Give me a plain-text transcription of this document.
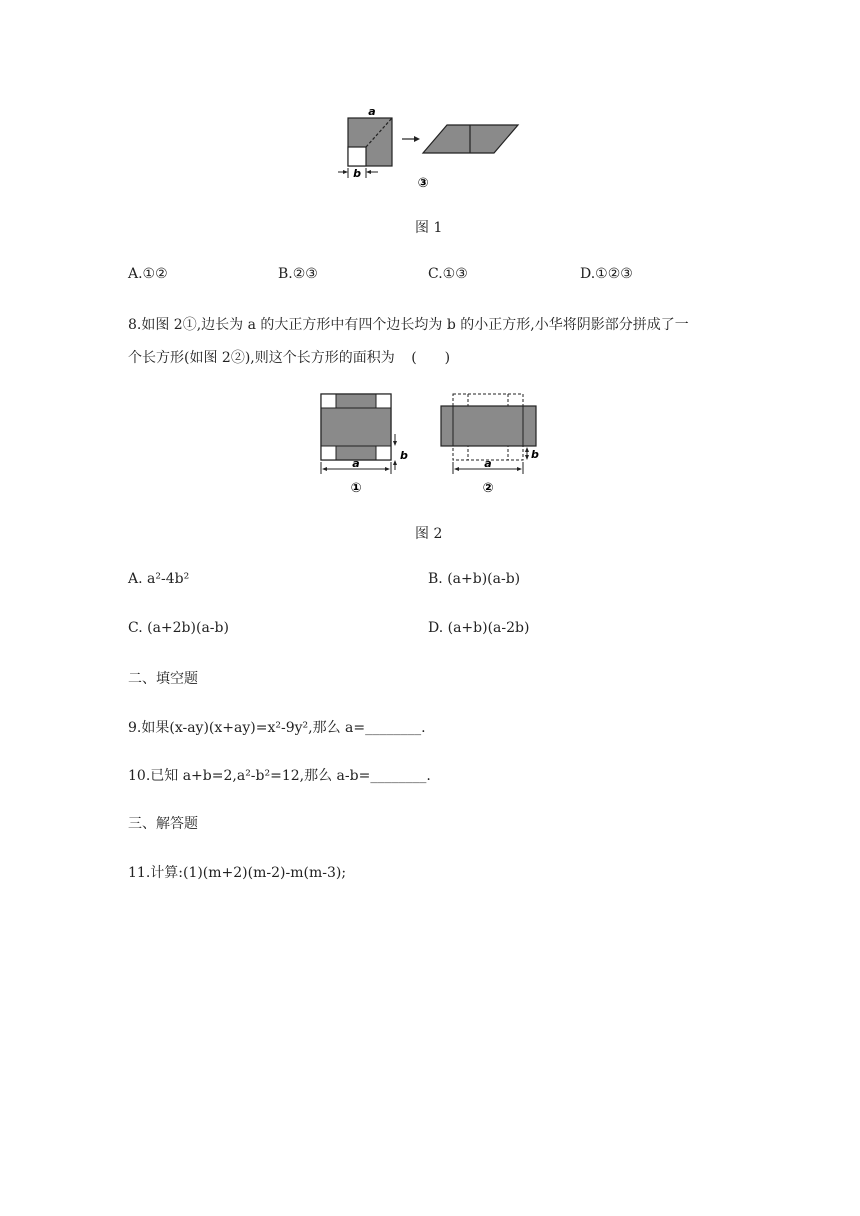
a
b
③
图 1
A.①②	B.②③	C.①③	D.①②③
8.如图 2①,边长为 a 的大正方形中有四个边长均为 b 的小正方形,小华将阴影部分拼成了一
个长方形(如图 2②),则这个长方形的面积为 (　　)
a
b
①
a
b
②
图 2
A. a²-4b²	B. (a+b)(a-b)
C. (a+2b)(a-b)	D. (a+b)(a-2b)
二、填空题
9.如果(x-ay)(x+ay)=x²-9y²,那么 a=________.
10.已知 a+b=2,a²-b²=12,那么 a-b=________.
三、解答题
11.计算:(1)(m+2)(m-2)-m(m-3);
